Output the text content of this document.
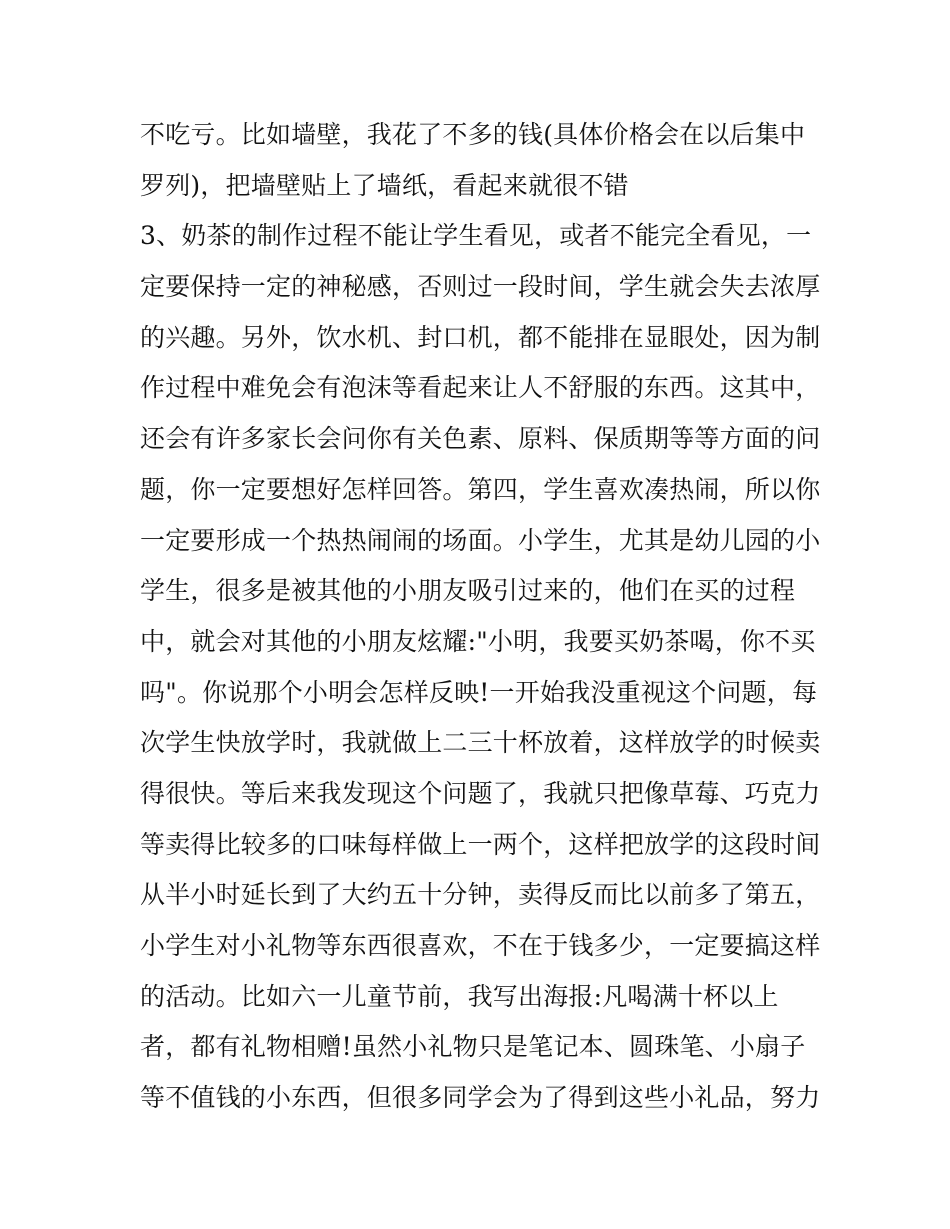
不吃亏。比如墙壁，我花了不多的钱(具体价格会在以后集中
罗列)，把墙壁贴上了墙纸，看起来就很不错
3、奶茶的制作过程不能让学生看见，或者不能完全看见，一
定要保持一定的神秘感，否则过一段时间，学生就会失去浓厚
的兴趣。另外，饮水机、封口机，都不能排在显眼处，因为制
作过程中难免会有泡沫等看起来让人不舒服的东西。这其中，
还会有许多家长会问你有关色素、原料、保质期等等方面的问
题，你一定要想好怎样回答。第四，学生喜欢凑热闹，所以你
一定要形成一个热热闹闹的场面。小学生，尤其是幼儿园的小
学生，很多是被其他的小朋友吸引过来的，他们在买的过程
中，就会对其他的小朋友炫耀:"小明，我要买奶茶喝，你不买
吗"。你说那个小明会怎样反映!一开始我没重视这个问题，每
次学生快放学时，我就做上二三十杯放着，这样放学的时候卖
得很快。等后来我发现这个问题了，我就只把像草莓、巧克力
等卖得比较多的口味每样做上一两个，这样把放学的这段时间
从半小时延长到了大约五十分钟，卖得反而比以前多了第五，
小学生对小礼物等东西很喜欢，不在于钱多少，一定要搞这样
的活动。比如六一儿童节前，我写出海报:凡喝满十杯以上
者，都有礼物相赠!虽然小礼物只是笔记本、圆珠笔、小扇子
等不值钱的小东西，但很多同学会为了得到这些小礼品，努力
